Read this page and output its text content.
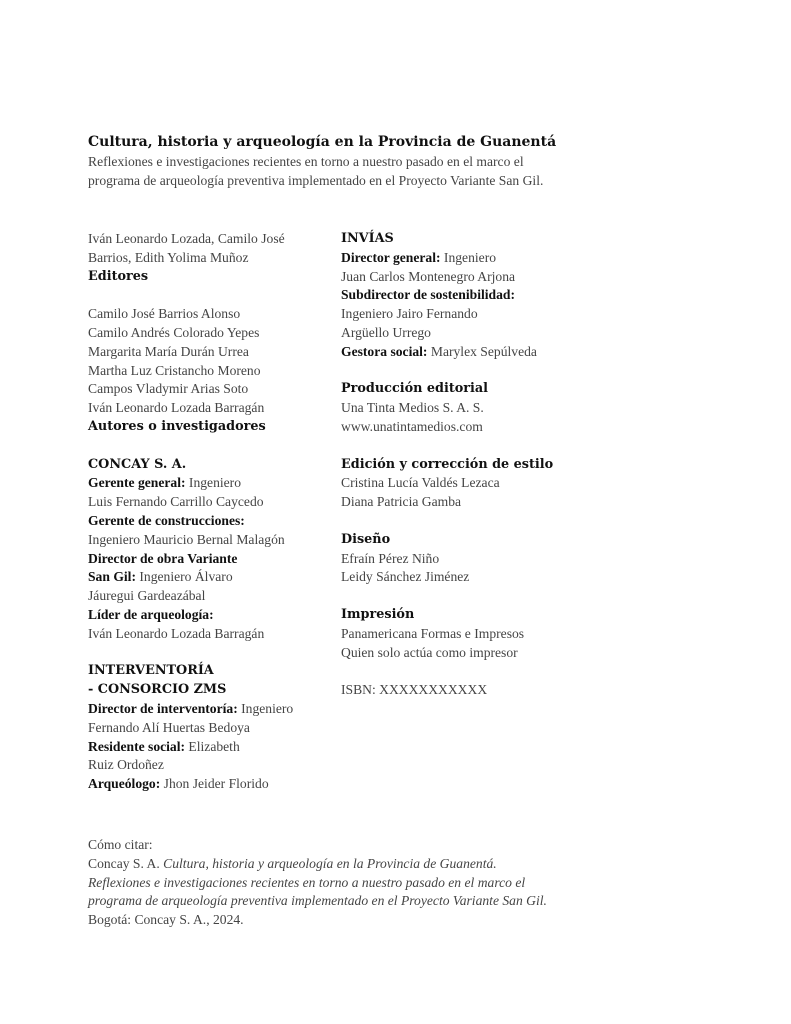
Cultura, historia y arqueología en la Provincia de Guanentá

Reflexiones e investigaciones recientes en torno a nuestro pasado en el marco el

programa de arqueología preventiva implementado en el Proyecto Variante San Gil.

Iván Leonardo Lozada, Camilo José
Barrios, Edith Yolima Muñoz
Editores
Camilo José Barrios Alonso
Camilo Andrés Colorado Yepes
Margarita María Durán Urrea
Martha Luz Cristancho Moreno
Campos Vladymir Arias Soto
Iván Leonardo Lozada Barragán
Autores o investigadores
CONCAY S. A.
Gerente general: Ingeniero
Luis Fernando Carrillo Caycedo
Gerente de construcciones:
Ingeniero Mauricio Bernal Malagón
Director de obra Variante
San Gil: Ingeniero Álvaro
Jáuregui Gardeazábal
Líder de arqueología:
Iván Leonardo Lozada Barragán
INTERVENTORÍA
- CONSORCIO ZMS
Director de interventoría: Ingeniero
Fernando Alí Huertas Bedoya
Residente social: Elizabeth
Ruiz Ordoñez
Arqueólogo: Jhon Jeider Florido
INVÍAS
Director general: Ingeniero
Juan Carlos Montenegro Arjona
Subdirector de sostenibilidad:
Ingeniero Jairo Fernando
Argüello Urrego
Gestora social: Marylex Sepúlveda
Producción editorial
Una Tinta Medios S. A. S.
www.unatintamedios.com
Edición y corrección de estilo
Cristina Lucía Valdés Lezaca
Diana Patricia Gamba
Diseño
Efraín Pérez Niño
Leidy Sánchez Jiménez
Impresión
Panamericana Formas e Impresos
Quien solo actúa como impresor
ISBN: XXXXXXXXXXX
Cómo citar:
Concay S. A. Cultura, historia y arqueología en la Provincia de Guanentá.
Reflexiones e investigaciones recientes en torno a nuestro pasado en el marco el
programa de arqueología preventiva implementado en el Proyecto Variante San Gil.
Bogotá: Concay S. A., 2024.
